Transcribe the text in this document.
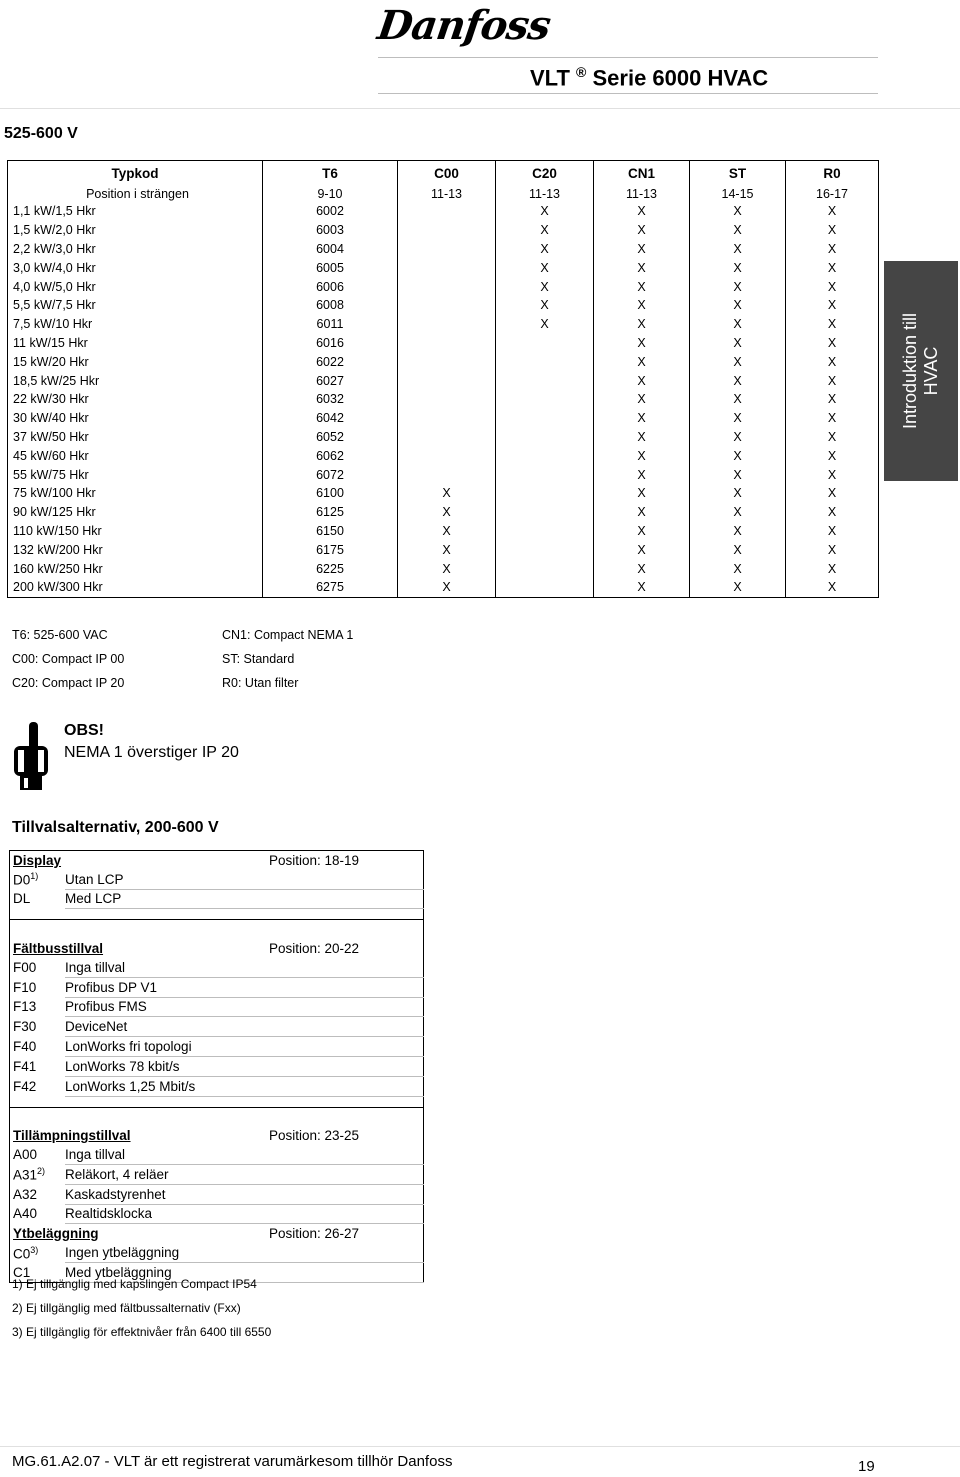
Danfoss
VLT ® Serie 6000 HVAC
525-600 V
Typkod	T6	C00	C20	CN1	ST	R0
Position i strängen	9-10	11-13	11-13	11-13	14-15	16-17
1,1 kW/1,5 Hkr	6002		X	X	X	X
1,5 kW/2,0 Hkr	6003		X	X	X	X
2,2 kW/3,0 Hkr	6004		X	X	X	X
3,0 kW/4,0 Hkr	6005		X	X	X	X
4,0 kW/5,0 Hkr	6006		X	X	X	X
5,5 kW/7,5 Hkr	6008		X	X	X	X
7,5 kW/10 Hkr	6011		X	X	X	X
11 kW/15 Hkr	6016			X	X	X
15 kW/20 Hkr	6022			X	X	X
18,5 kW/25 Hkr	6027			X	X	X
22 kW/30 Hkr	6032			X	X	X
30 kW/40 Hkr	6042			X	X	X
37 kW/50 Hkr	6052			X	X	X
45 kW/60 Hkr	6062			X	X	X
55 kW/75 Hkr	6072			X	X	X
75 kW/100 Hkr	6100	X		X	X	X
90 kW/125 Hkr	6125	X		X	X	X
110 kW/150 Hkr	6150	X		X	X	X
132 kW/200 Hkr	6175	X		X	X	X
160 kW/250 Hkr	6225	X		X	X	X
200 kW/300 Hkr	6275	X		X	X	X
Introduktion till HVAC
T6: 525-600 VAC
C00: Compact IP 00
C20: Compact IP 20
CN1: Compact NEMA 1
ST: Standard
R0: Utan filter
OBS!
NEMA 1 överstiger IP 20
Tillvalsalternativ, 200-600 V
Display		Position: 18-19
D0$^{1)}$	Utan LCP	
DL	Med LCP	

Fältbusstillval		Position: 20-22
F00	Inga tillval	
F10	Profibus DP V1	
F13	Profibus FMS	
F30	DeviceNet	
F40	LonWorks fri topologi	
F41	LonWorks 78 kbit/s	
F42	LonWorks 1,25 Mbit/s	

Tillämpningstillval		Position: 23-25
A00	Inga tillval	
A31$^{2)}$	Reläkort, 4 reläer	
A32	Kaskadstyrenhet	
A40	Realtidsklocka	
Ytbeläggning		Position: 26-27
C0$^{3)}$	Ingen ytbeläggning	
C1	Med ytbeläggning	
1) Ej tillgänglig med kapslingen Compact IP54
2) Ej tillgänglig med fältbussalternativ (Fxx)
3) Ej tillgänglig för effektnivåer från 6400 till 6550
MG.61.A2.07 - VLT är ett registrerat varumärkesom tillhör Danfoss	19
